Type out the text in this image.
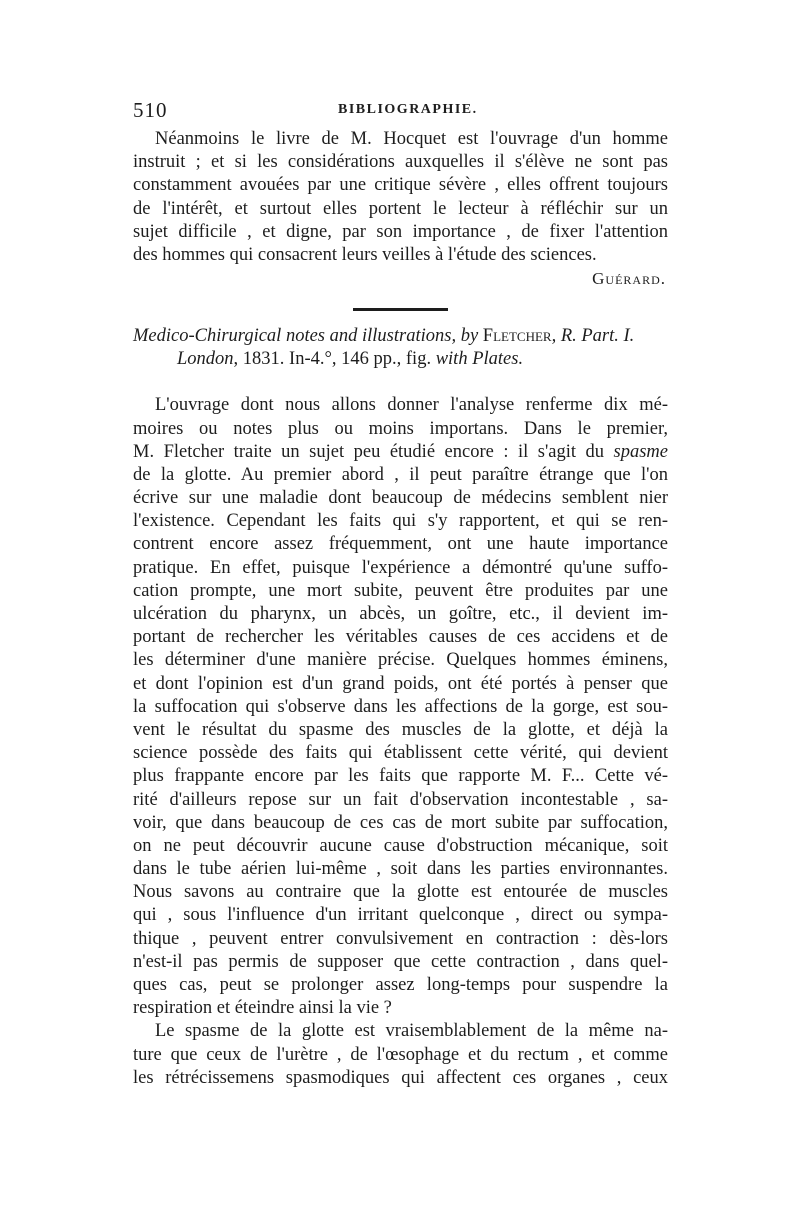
510	BIBLIOGRAPHIE.
Néanmoins le livre de M. Hocquet est l'ouvrage d'un homme
instruit ; et si les considérations auxquelles il s'élève ne sont pas
constamment avouées par une critique sévère , elles offrent toujours
de l'intérêt, et surtout elles portent le lecteur à réfléchir sur un
sujet difficile , et digne, par son importance , de fixer l'attention
des hommes qui consacrent leurs veilles à l'étude des sciences.
Guérard.
Medico-Chirurgical notes and illustrations, by Fletcher, R. Part. I.
London, 1831. In-4.°, 146 pp., fig. with Plates.
L'ouvrage dont nous allons donner l'analyse renferme dix mé-
moires ou notes plus ou moins importans. Dans le premier,
M. Fletcher traite un sujet peu étudié encore : il s'agit du spasme
de la glotte. Au premier abord , il peut paraître étrange que l'on
écrive sur une maladie dont beaucoup de médecins semblent nier
l'existence. Cependant les faits qui s'y rapportent, et qui se ren-
contrent encore assez fréquemment, ont une haute importance
pratique. En effet, puisque l'expérience a démontré qu'une suffo-
cation prompte, une mort subite, peuvent être produites par une
ulcération du pharynx, un abcès, un goître, etc., il devient im-
portant de rechercher les véritables causes de ces accidens et de
les déterminer d'une manière précise. Quelques hommes éminens,
et dont l'opinion est d'un grand poids, ont été portés à penser que
la suffocation qui s'observe dans les affections de la gorge, est sou-
vent le résultat du spasme des muscles de la glotte, et déjà la
science possède des faits qui établissent cette vérité, qui devient
plus frappante encore par les faits que rapporte M. F... Cette vé-
rité d'ailleurs repose sur un fait d'observation incontestable , sa-
voir, que dans beaucoup de ces cas de mort subite par suffocation,
on ne peut découvrir aucune cause d'obstruction mécanique, soit
dans le tube aérien lui-même , soit dans les parties environnantes.
Nous savons au contraire que la glotte est entourée de muscles
qui , sous l'influence d'un irritant quelconque , direct ou sympa-
thique , peuvent entrer convulsivement en contraction : dès-lors
n'est-il pas permis de supposer que cette contraction , dans quel-
ques cas, peut se prolonger assez long-temps pour suspendre la
respiration et éteindre ainsi la vie ?
Le spasme de la glotte est vraisemblablement de la même na-
ture que ceux de l'urètre , de l'œsophage et du rectum , et comme
les rétrécissemens spasmodiques qui affectent ces organes , ceux
